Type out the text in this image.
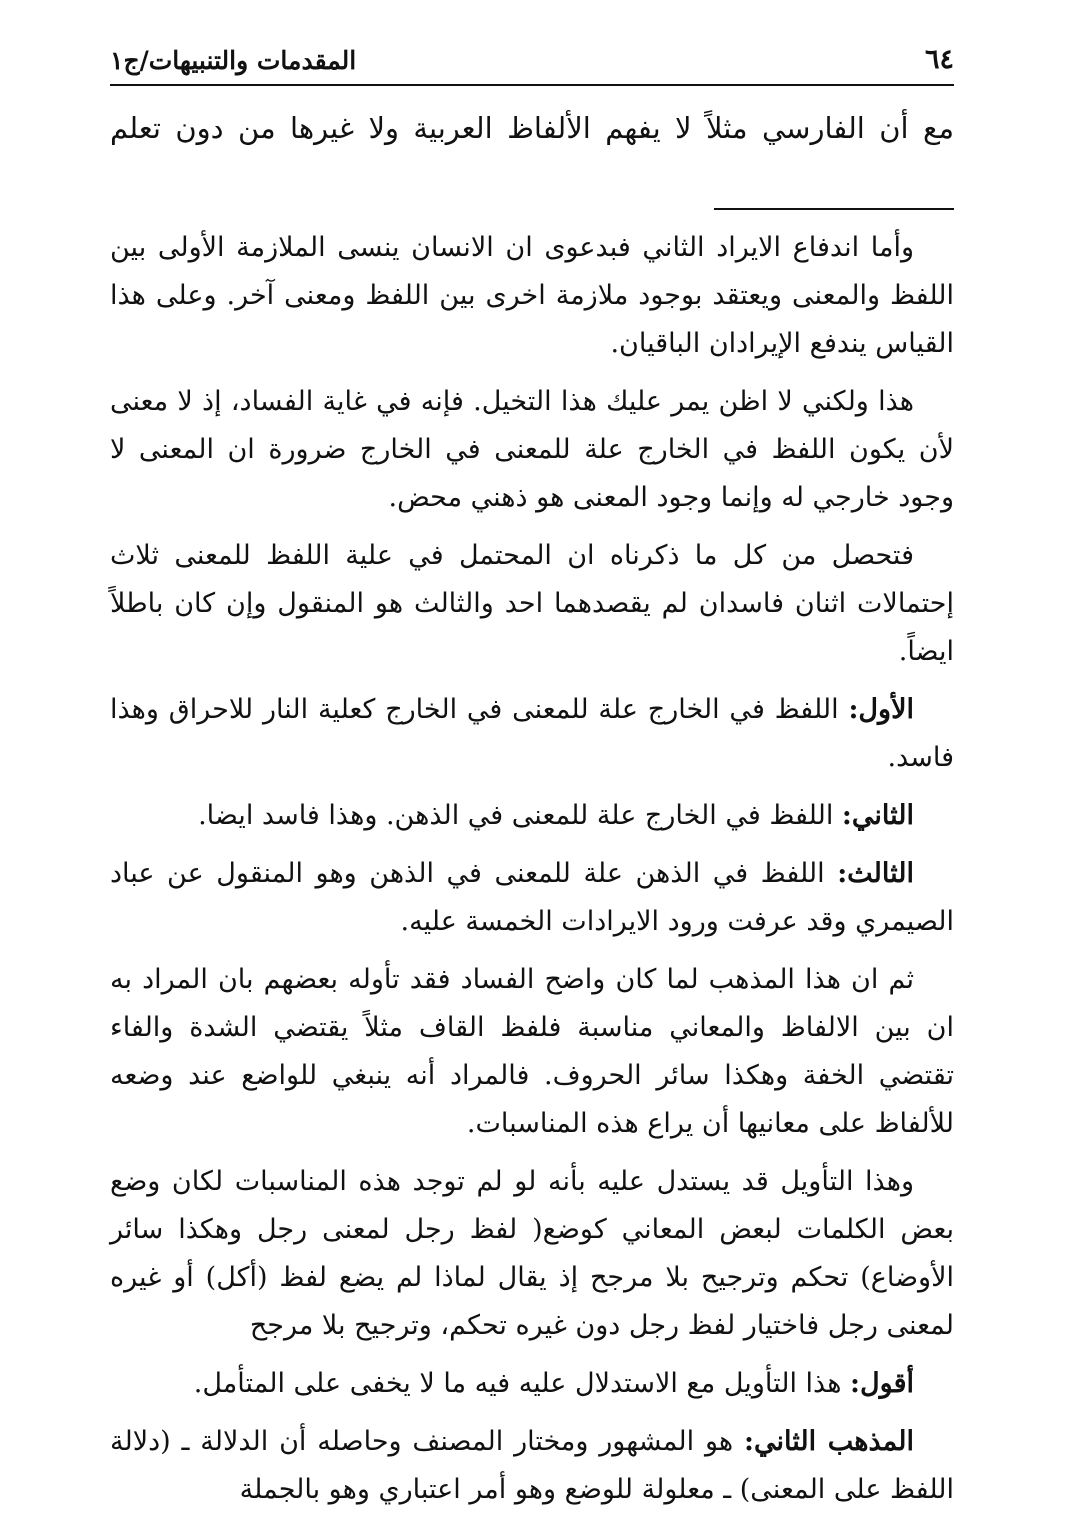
٦٤
المقدمات والتنبيهات/ج١
مع أن الفارسي مثلاً لا يفهم الألفاظ العربية ولا غيرها من دون تعلم

وأما اندفاع الايراد الثاني فبدعوى ان الانسان ينسى الملازمة الأولى بين اللفظ والمعنى ويعتقد بوجود ملازمة اخرى بين اللفظ ومعنى آخر. وعلى هذا القياس يندفع الإيرادان الباقيان.

هذا ولكني لا اظن يمر عليك هذا التخيل. فإنه في غاية الفساد، إذ لا معنى لأن يكون اللفظ في الخارج علة للمعنى في الخارج ضرورة ان المعنى لا وجود خارجي له وإنما وجود المعنى هو ذهني محض.

فتحصل من كل ما ذكرناه ان المحتمل في علية اللفظ للمعنى ثلاث إحتمالات اثنان فاسدان لم يقصدهما احد والثالث هو المنقول وإن كان باطلاً ايضاً.

الأول: اللفظ في الخارج علة للمعنى في الخارج كعلية النار للاحراق وهذا فاسد.

الثاني: اللفظ في الخارج علة للمعنى في الذهن. وهذا فاسد ايضا.

الثالث: اللفظ في الذهن علة للمعنى في الذهن وهو المنقول عن عباد الصيمري وقد عرفت ورود الايرادات الخمسة عليه.

ثم ان هذا المذهب لما كان واضح الفساد فقد تأوله بعضهم بان المراد به ان بين الالفاظ والمعاني مناسبة فلفظ القاف مثلاً يقتضي الشدة والفاء تقتضي الخفة وهكذا سائر الحروف. فالمراد أنه ينبغي للواضع عند وضعه للألفاظ على معانيها أن يراع هذه المناسبات.

وهذا التأويل قد يستدل عليه بأنه لو لم توجد هذه المناسبات لكان وضع بعض الكلمات لبعض المعاني كوضع( لفظ رجل لمعنى رجل وهكذا سائر الأوضاع) تحكم وترجيح بلا مرجح إذ يقال لماذا لم يضع لفظ (أكل) أو غيره لمعنى رجل فاختيار لفظ رجل دون غيره تحكم، وترجيح بلا مرجح

أقول: هذا التأويل مع الاستدلال عليه فيه ما لا يخفى على المتأمل.

المذهب الثاني: هو المشهور ومختار المصنف وحاصله أن الدلالة ـ (دلالة اللفظ على المعنى) ـ معلولة للوضع وهو أمر اعتباري وهو بالجملة
